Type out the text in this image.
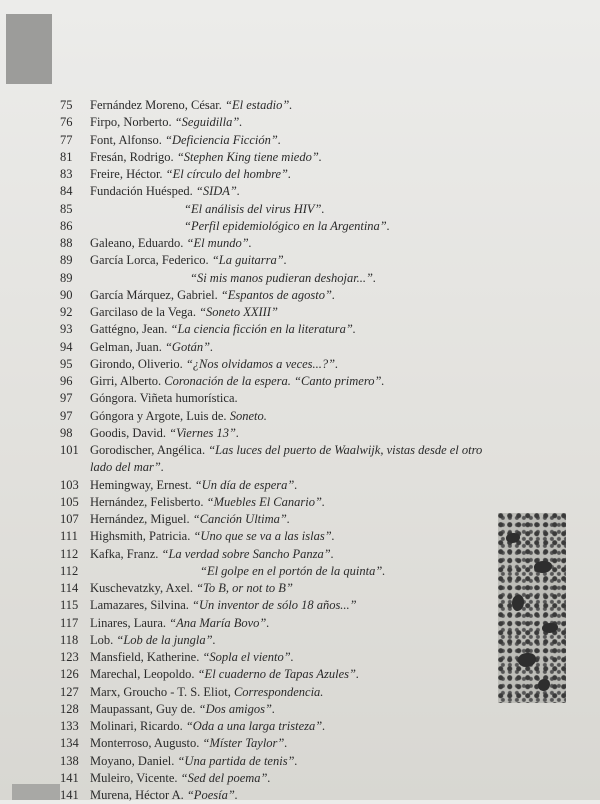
75	Fernández Moreno, César. “El estadio”.
76	Firpo, Norberto. “Seguidilla”.
77	Font, Alfonso. “Deficiencia Ficción”.
81	Fresán, Rodrigo. “Stephen King tiene miedo”.
83	Freire, Héctor. “El círculo del hombre”.
84	Fundación Huésped. “SIDA”.
85	“El análisis del virus HIV”.
86	“Perfil epidemiológico en la Argentina”.
88	Galeano, Eduardo. “El mundo”.
89	García Lorca, Federico. “La guitarra”.
89	“Si mis manos pudieran deshojar...”.
90	García Márquez, Gabriel. “Espantos de agosto”.
92	Garcilaso de la Vega. “Soneto XXIII”
93	Gattégno, Jean. “La ciencia ficción en la literatura”.
94	Gelman, Juan. “Gotán”.
95	Girondo, Oliverio. “¿Nos olvidamos a veces...?”.
96	Girri, Alberto. Coronación de la espera. “Canto primero”.
97	Góngora. Viñeta humorística.
97	Góngora y Argote, Luis de. Soneto.
98	Goodis, David. “Viernes 13”.
101 Gorodischer, Angélica. “Las luces del puerto de Waalwijk, vistas desde el otro
lado del mar”.
103 Hemingway, Ernest. “Un día de espera”.
105 Hernández, Felisberto. “Muebles El Canario”.
107 Hernández, Miguel. “Canción Ultima”.
111 Highsmith, Patricia. “Uno que se va a las islas”.
112 Kafka, Franz. “La verdad sobre Sancho Panza”.
112	“El golpe en el portón de la quinta”.
114 Kuschevatzky, Axel. “To B, or not to B”
115 Lamazares, Silvina. “Un inventor de sólo 18 años...”
117 Linares, Laura. “Ana María Bovo”.
118 Lob. “Lob de la jungla”.
123 Mansfield, Katherine. “Sopla el viento”.
126 Marechal, Leopoldo. “El cuaderno de Tapas Azules”.
127 Marx, Groucho - T. S. Eliot, Correspondencia.
128 Maupassant, Guy de. “Dos amigos”.
133 Molinari, Ricardo. “Oda a una larga tristeza”.
134 Monterroso, Augusto. “Míster Taylor”.
138 Moyano, Daniel. “Una partida de tenis”.
141 Muleiro, Vicente. “Sed del poema”.
141 Murena, Héctor A. “Poesía”.
